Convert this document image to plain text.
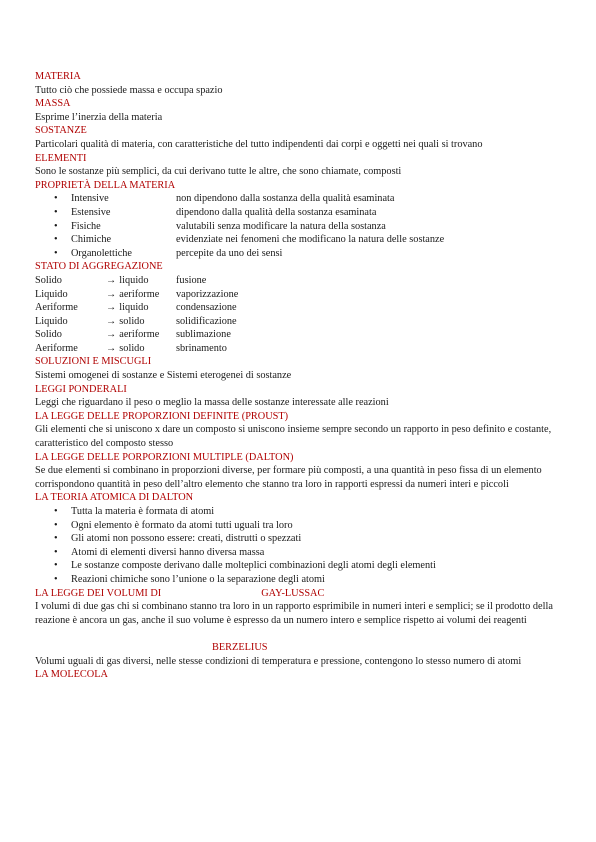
MATERIA

Tutto ciò che possiede massa e occupa spazio

MASSA

Esprime l’inerzia della materia

SOSTANZE

Particolari qualità di materia, con caratteristiche del tutto indipendenti dai corpi e oggetti nei quali si trovano

ELEMENTI

Sono le sostanze più semplici, da cui derivano tutte le altre, che sono chiamate, composti

PROPRIETÀ DELLA MATERIA
• Intensive	non dipendono dalla sostanza della qualità esaminata
• Estensive	dipendono dalla qualità della sostanza esaminata
• Fisiche	valutabili senza modificare la natura della sostanza
• Chimiche	evidenziate nei fenomeni che modificano la natura delle sostanze
• Organolettiche	percepite da uno dei sensi
STATO DI AGGREGAZIONE
Solido	→ liquido	fusione
Liquido	→ aeriforme	vaporizzazione
Aeriforme	→ liquido	condensazione
Liquido	→ solido	solidificazione
Solido	→ aeriforme	sublimazione
Aeriforme	→ solido	sbrinamento
SOLUZIONI E MISCUGLI

Sistemi omogenei di sostanze e Sistemi eterogenei di sostanze

LEGGI PONDERALI

Leggi che riguardano il peso o meglio la massa delle sostanze interessate alle reazioni

LA LEGGE DELLE PROPORZIONI DEFINITE (PROUST)

Gli elementi che si uniscono x dare un composto si uniscono insieme sempre secondo un rapporto in peso definito e costante, caratteristico del composto stesso

LA LEGGE DELLE PORPORZIONI MULTIPLE (DALTON)

Se due elementi si combinano in proporzioni diverse, per formare più composti, a una quantità in peso fissa di un elemento corrispondono quantità in peso dell’altro elemento che stanno tra loro in rapporti espressi da numeri interi e piccoli

LA TEORIA ATOMICA DI DALTON
• Tutta la materia è formata di atomi
• Ogni elemento è formato da atomi tutti uguali tra loro
• Gli atomi non possono essere: creati, distrutti o spezzati
• Atomi di elementi diversi hanno diversa massa
• Le sostanze composte derivano dalle molteplici combinazioni degli atomi degli elementi
• Reazioni chimiche sono l’unione o la separazione degli atomi
LA LEGGE DEI VOLUMI DI	GAY-LUSSAC

I volumi di due gas chi si combinano stanno tra loro in un rapporto esprimibile in numeri interi e semplici; se il prodotto della reazione è ancora un gas, anche il suo volume è espresso da un numero intero e semplice rispetto ai volumi dei reagenti

BERZELIUS

Volumi uguali di gas diversi, nelle stesse condizioni di temperatura e pressione, contengono lo stesso numero di atomi

LA MOLECOLA
